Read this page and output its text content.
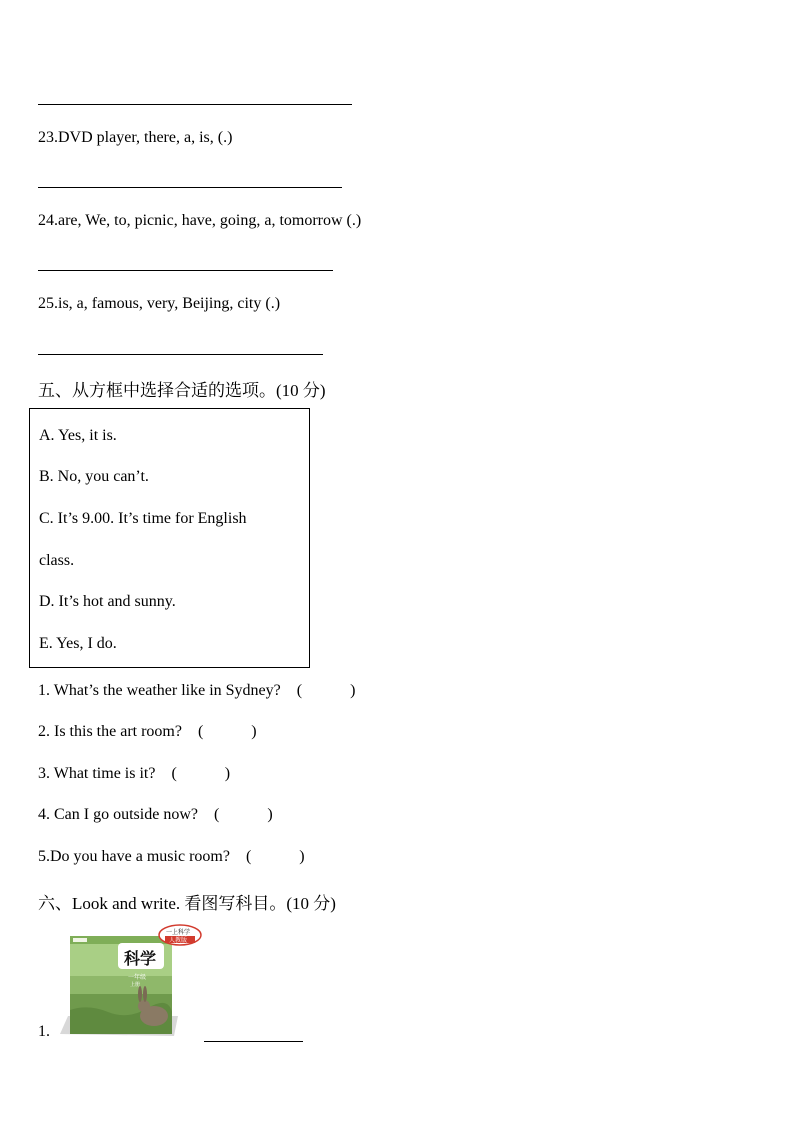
23.DVD player, there, a, is, (.)
24.are, We, to, picnic, have, going, a, tomorrow (.)
25.is, a, famous, very, Beijing, city (.)
五、从方框中选择合适的选项。(10 分)
A. Yes, it is.
B. No, you can’t.
C. It’s 9.00. It’s time for English
class.
D. It’s hot and sunny.
E. Yes, I do.
1. What’s the weather like in Sydney? (            )
2. Is this the art room? (            )
3. What time is it? (            )
4. Can I go outside now? (            )
5.Do you have a music room? (            )
六、Look and write. 看图写科目。(10 分)
1.
科学
一上科学
人教版
一年级
上册
